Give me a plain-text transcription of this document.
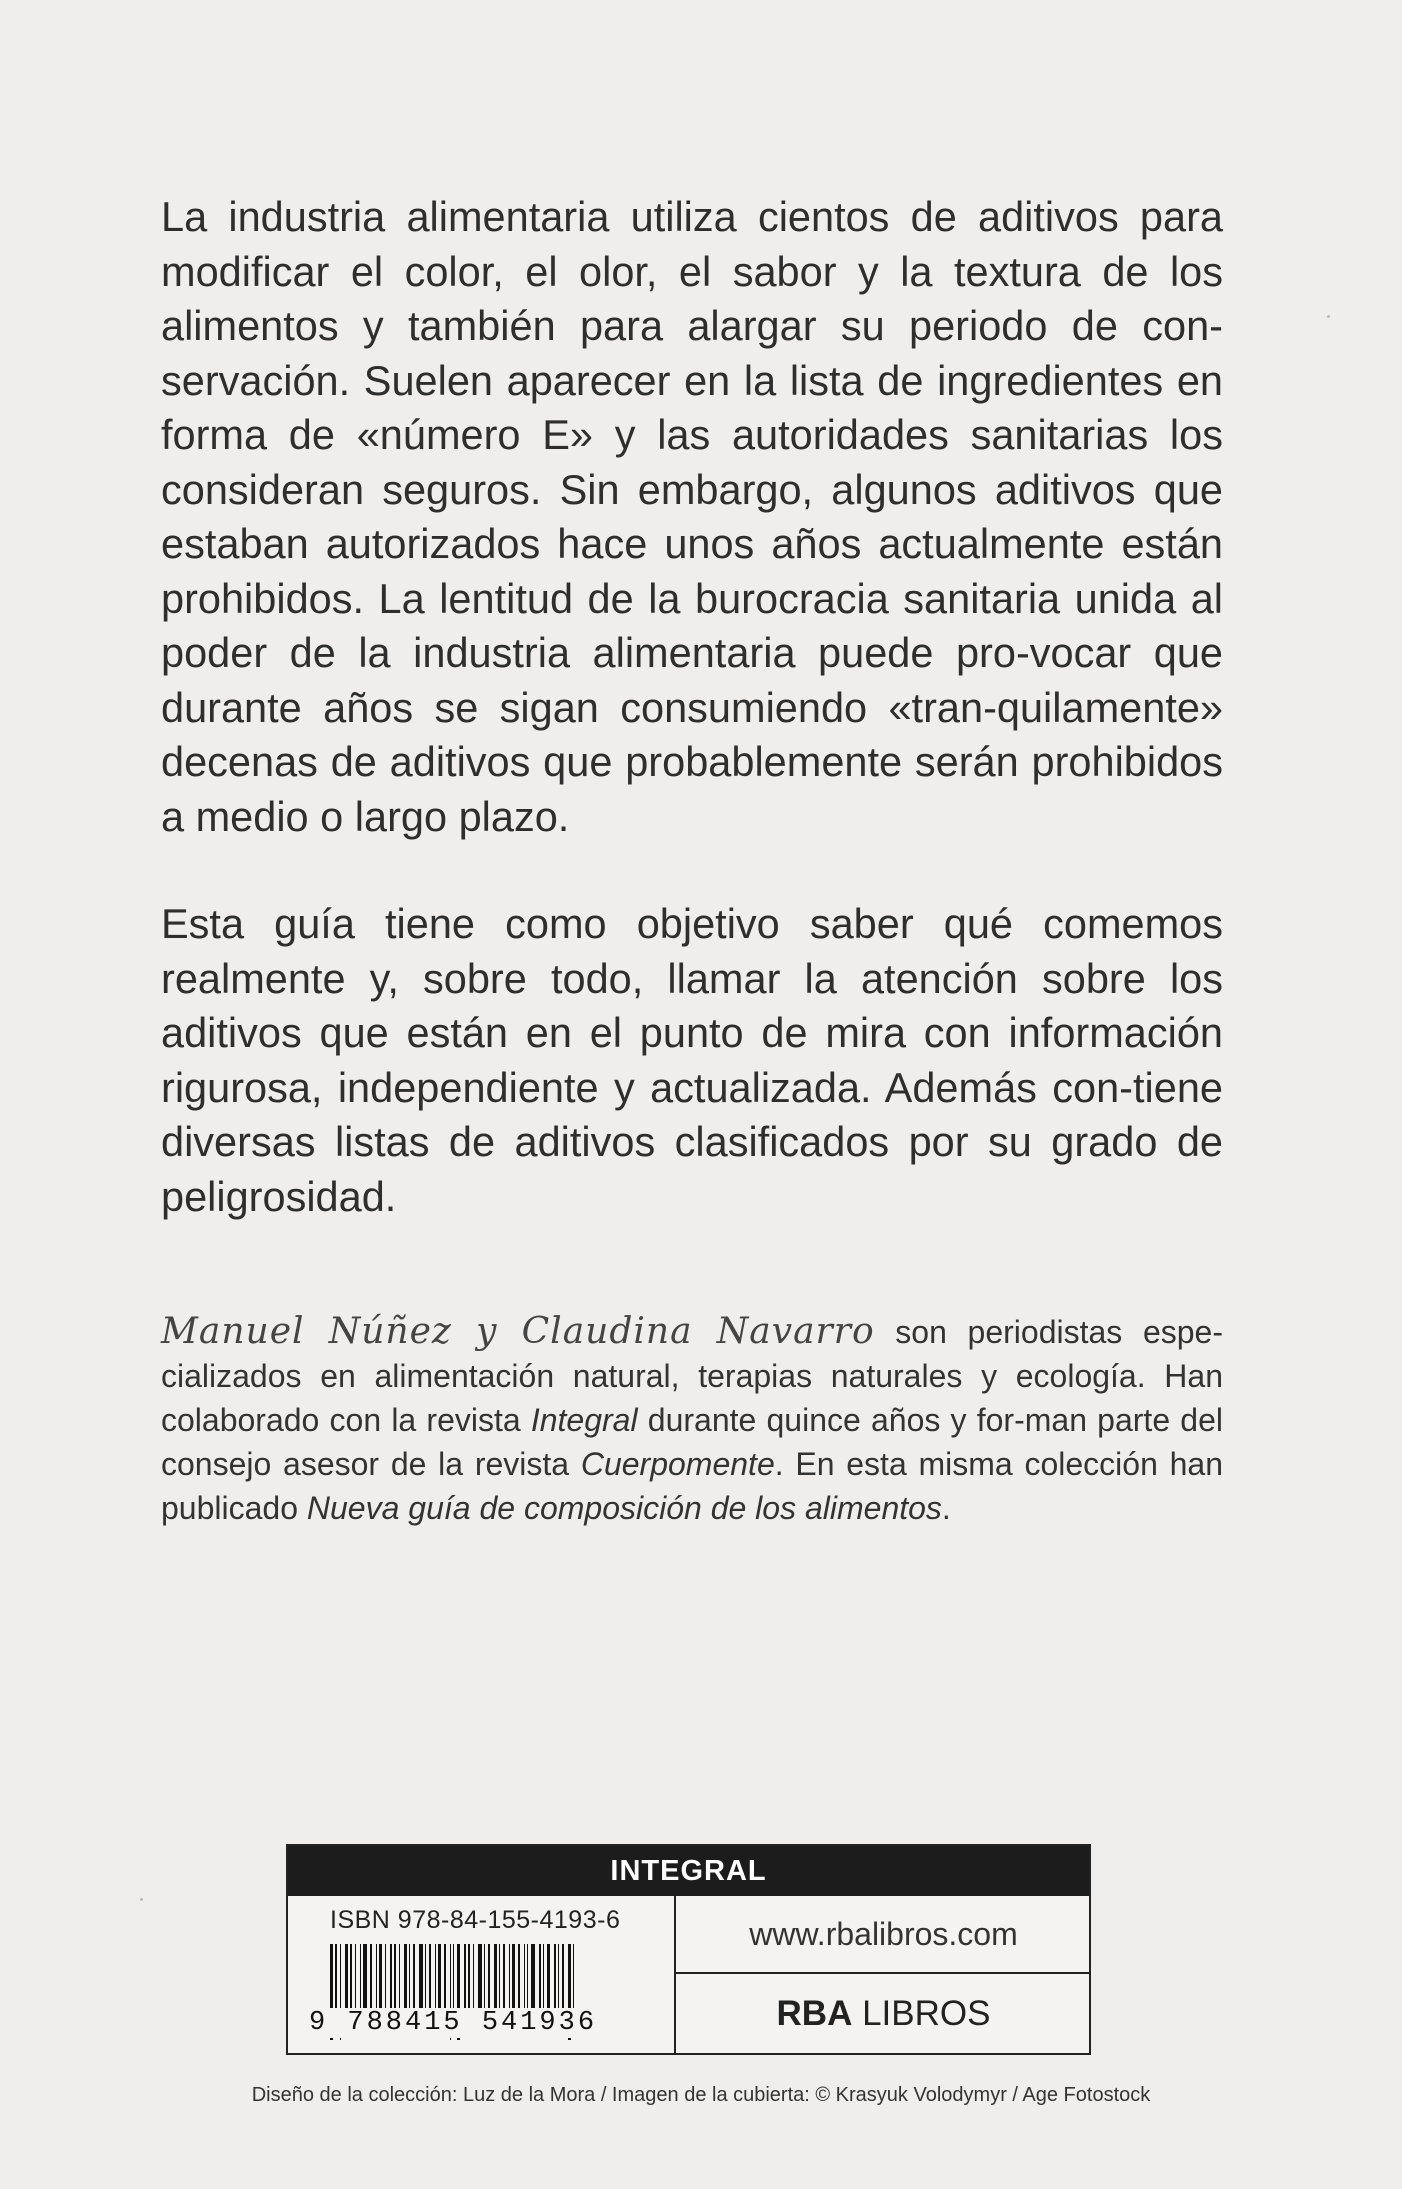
La industria alimentaria utiliza cientos de aditivos para modificar el color, el olor, el sabor y la textura de los alimentos y también para alargar su periodo de con-servación. Suelen aparecer en la lista de ingredientes en forma de «número E» y las autoridades sanitarias los consideran seguros. Sin embargo, algunos aditivos que estaban autorizados hace unos años actualmente están prohibidos. La lentitud de la burocracia sanitaria unida al poder de la industria alimentaria puede pro-vocar que durante años se sigan consumiendo «tran-quilamente» decenas de aditivos que probablemente serán prohibidos a medio o largo plazo.
Esta guía tiene como objetivo saber qué comemos realmente y, sobre todo, llamar la atención sobre los aditivos que están en el punto de mira con información rigurosa, independiente y actualizada. Además con-tiene diversas listas de aditivos clasificados por su grado de peligrosidad.
Manuel Núñez y Claudina Navarro son periodistas espe-cializados en alimentación natural, terapias naturales y ecología. Han colaborado con la revista Integral durante quince años y for-man parte del consejo asesor de la revista Cuerpomente. En esta misma colección han publicado Nueva guía de composición de los alimentos.
INTEGRAL
ISBN 978-84-155-4193-6
9 788415 541936
www.rbalibros.com
RBA LIBROS
Diseño de la colección: Luz de la Mora / Imagen de la cubierta: © Krasyuk Volodymyr / Age Fotostock
